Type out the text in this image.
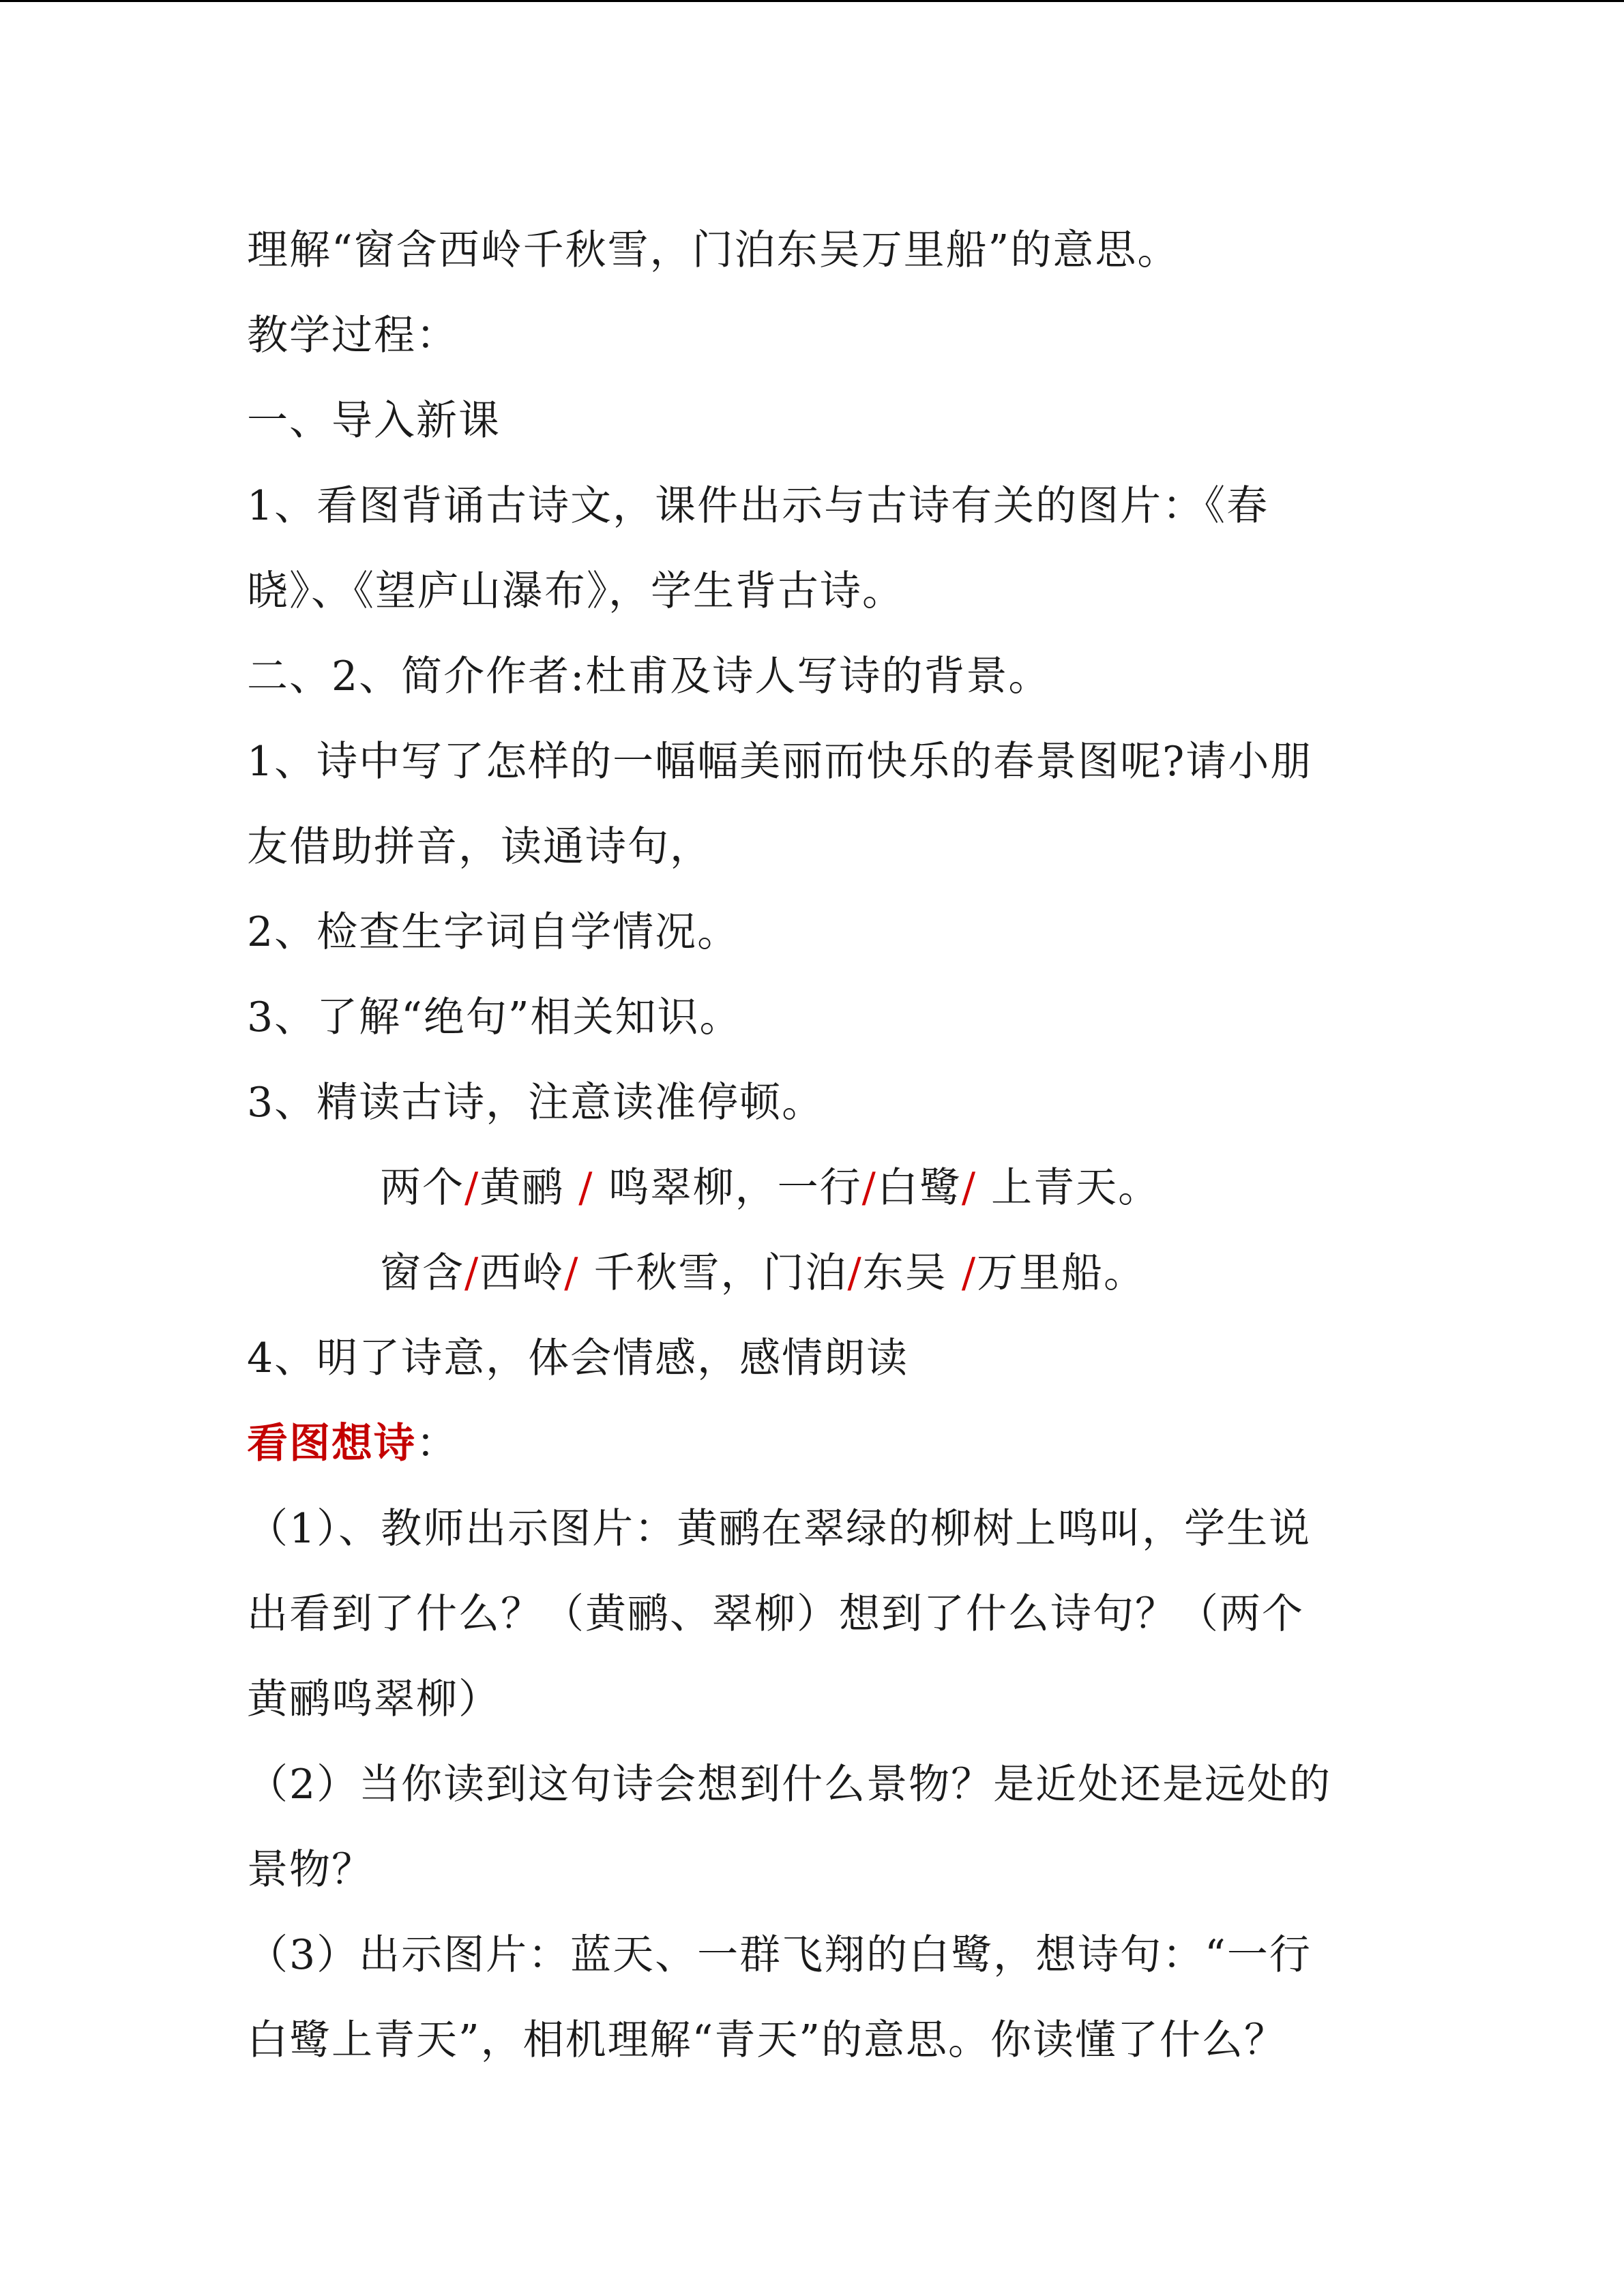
理解“窗含西岭千秋雪，门泊东吴万里船”的意思。
教学过程：
一、导入新课
1、看图背诵古诗文，课件出示与古诗有关的图片：《春
晓》、《望庐山瀑布》，学生背古诗。
二、2、简介作者:杜甫及诗人写诗的背景。
1、诗中写了怎样的一幅幅美丽而快乐的春景图呢?请小朋
友借助拼音，读通诗句，
2、检查生字词自学情况。
3、了解“绝句”相关知识。
3、精读古诗，注意读准停顿。
两个/黄鹂 / 鸣翠柳，一行/白鹭/ 上青天。
窗含/西岭/ 千秋雪，门泊/东吴 /万里船。
4、明了诗意，体会情感，感情朗读
看图想诗：
（1）、教师出示图片：黄鹂在翠绿的柳树上鸣叫，学生说
出看到了什么？（黄鹂、翠柳）想到了什么诗句？（两个
黄鹂鸣翠柳）
（2）当你读到这句诗会想到什么景物？是近处还是远处的
景物？
（3）出示图片：蓝天、一群飞翔的白鹭，想诗句：“一行
白鹭上青天”，相机理解“青天”的意思。你读懂了什么？
